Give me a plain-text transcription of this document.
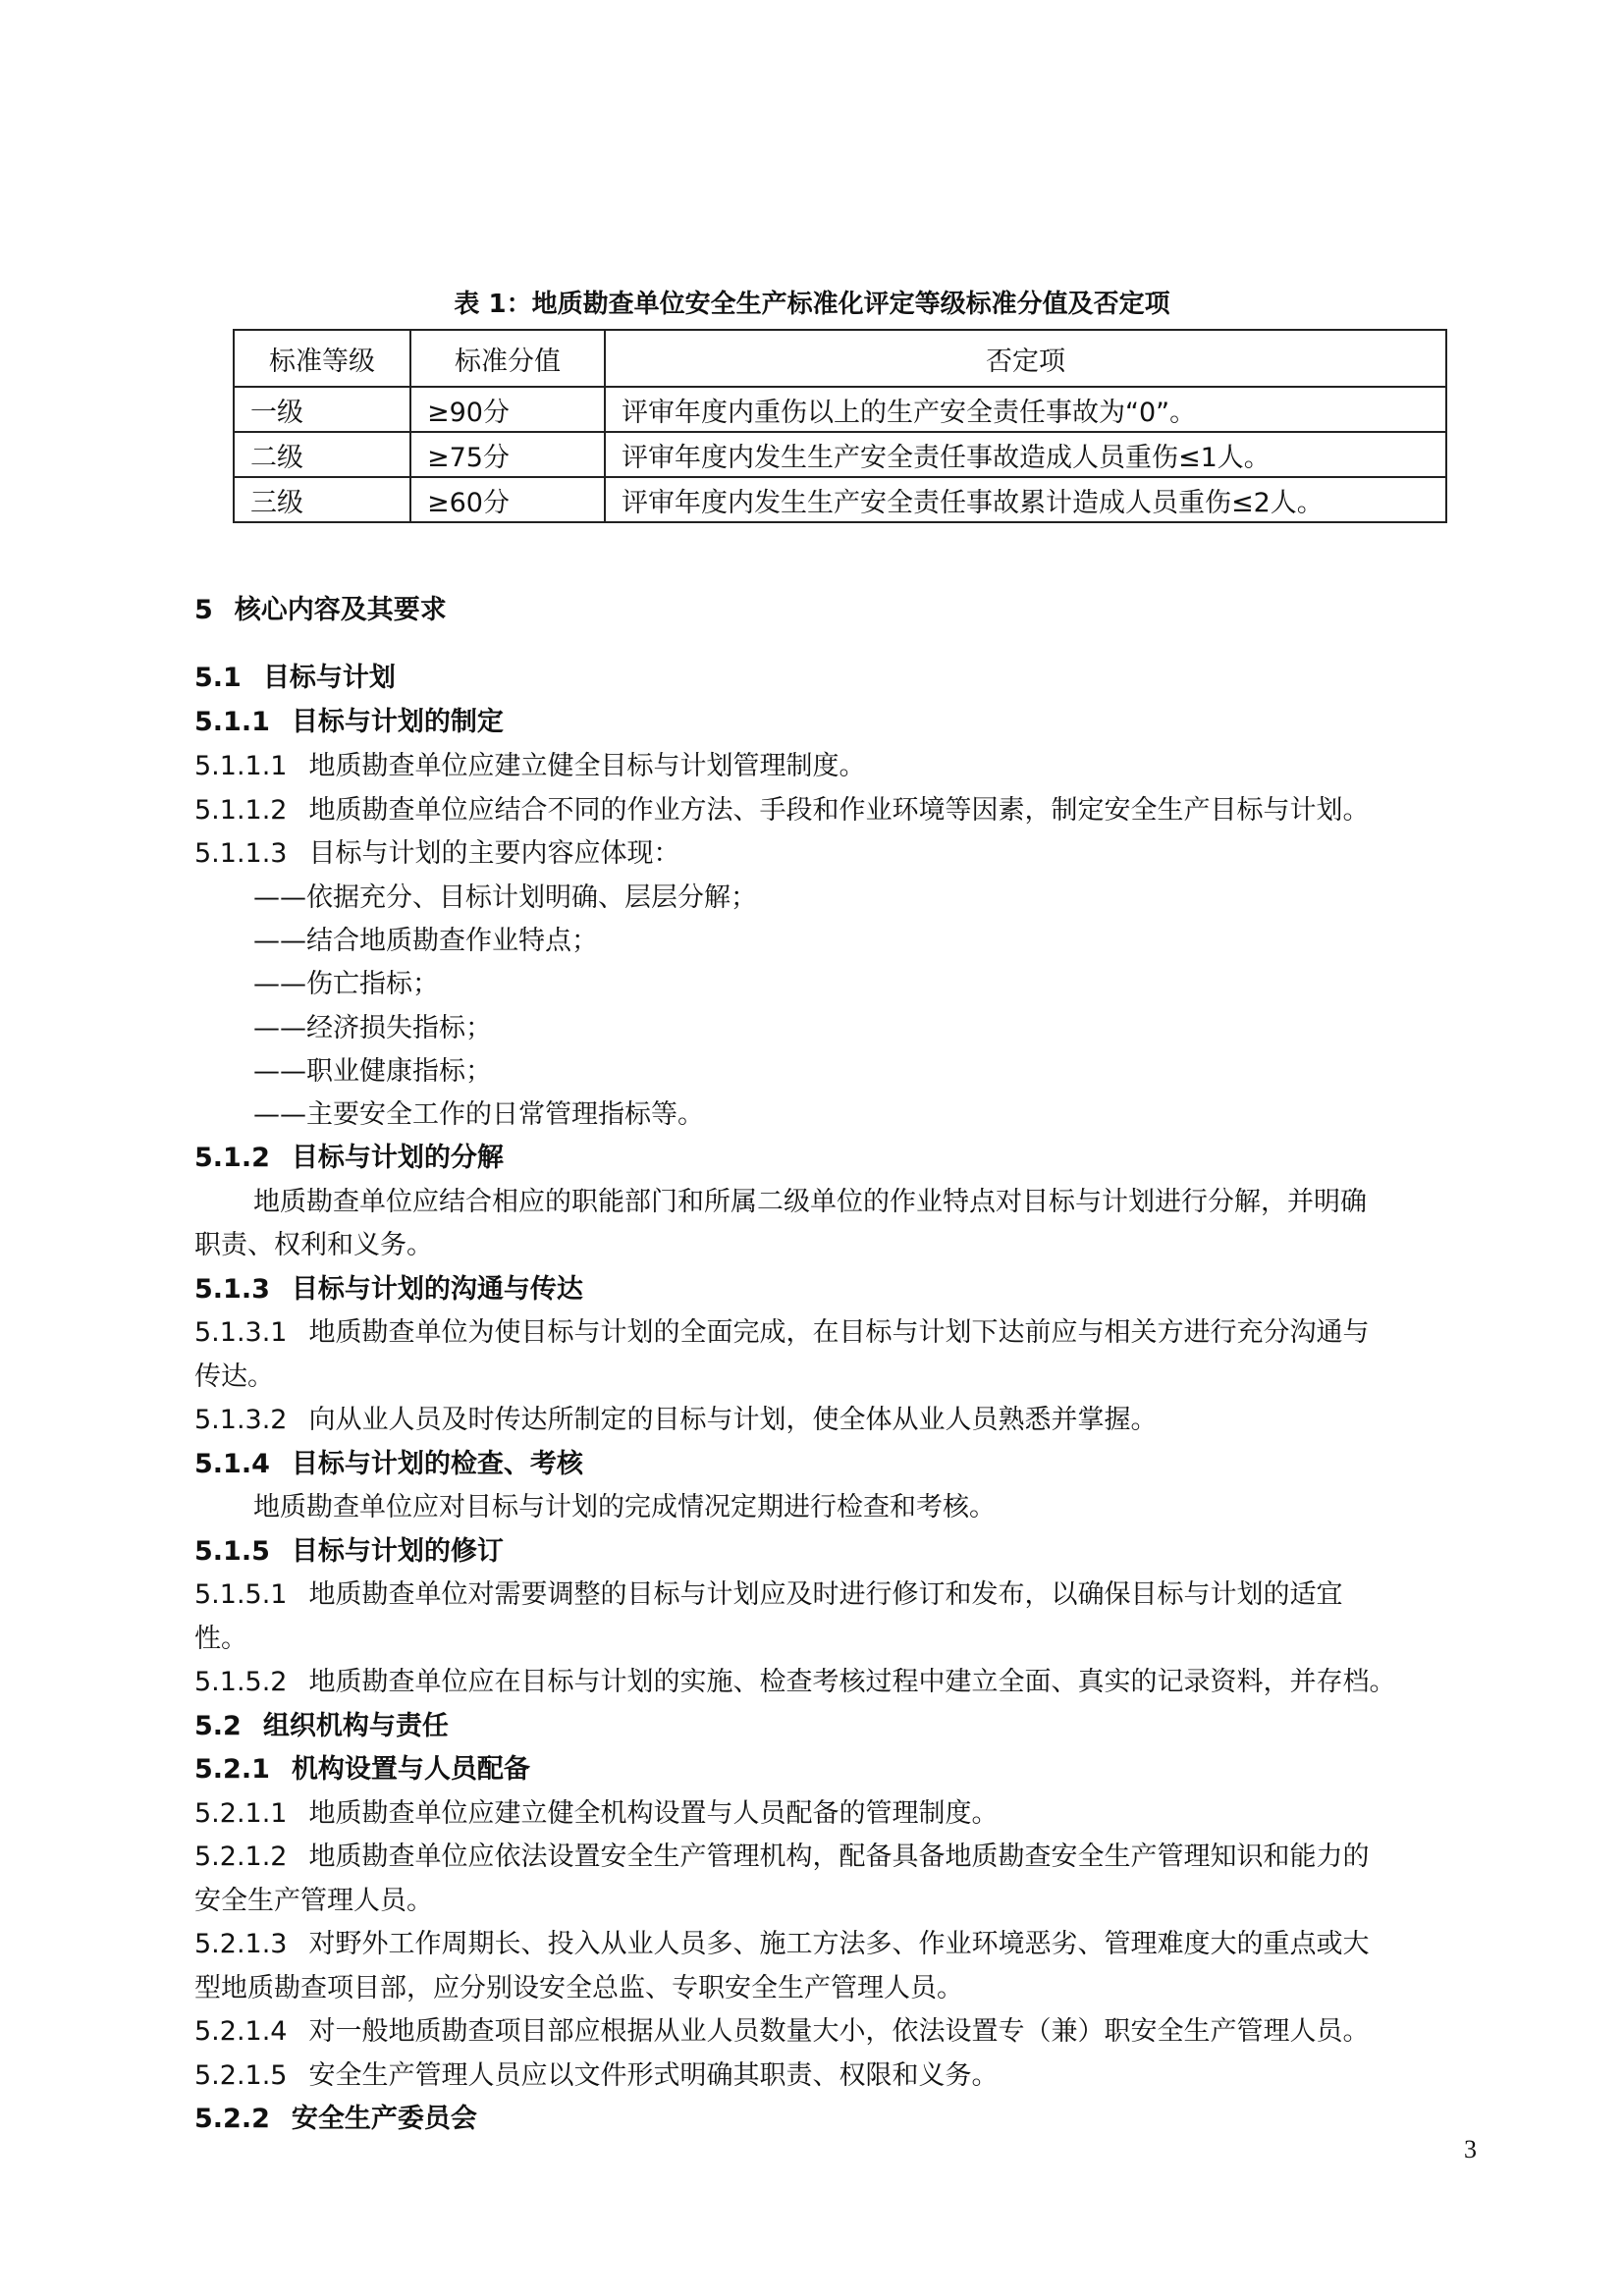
表 1：地质勘查单位安全生产标准化评定等级标准分值及否定项
标准等级	标准分值	否定项
一级	≥90分	评审年度内重伤以上的生产安全责任事故为“0”。
二级	≥75分	评审年度内发生生产安全责任事故造成人员重伤≤1人。
三级	≥60分	评审年度内发生生产安全责任事故累计造成人员重伤≤2人。
5 核心内容及其要求
5.1 目标与计划
5.1.1 目标与计划的制定
5.1.1.1 地质勘查单位应建立健全目标与计划管理制度。
5.1.1.2 地质勘查单位应结合不同的作业方法、手段和作业环境等因素，制定安全生产目标与计划。
5.1.1.3 目标与计划的主要内容应体现：
——依据充分、目标计划明确、层层分解；
——结合地质勘查作业特点；
——伤亡指标；
——经济损失指标；
——职业健康指标；
——主要安全工作的日常管理指标等。
5.1.2 目标与计划的分解
地质勘查单位应结合相应的职能部门和所属二级单位的作业特点对目标与计划进行分解，并明确
职责、权利和义务。
5.1.3 目标与计划的沟通与传达
5.1.3.1 地质勘查单位为使目标与计划的全面完成，在目标与计划下达前应与相关方进行充分沟通与
传达。
5.1.3.2 向从业人员及时传达所制定的目标与计划，使全体从业人员熟悉并掌握。
5.1.4 目标与计划的检查、考核
地质勘查单位应对目标与计划的完成情况定期进行检查和考核。
5.1.5 目标与计划的修订
5.1.5.1 地质勘查单位对需要调整的目标与计划应及时进行修订和发布，以确保目标与计划的适宜
性。
5.1.5.2 地质勘查单位应在目标与计划的实施、检查考核过程中建立全面、真实的记录资料，并存档。
5.2 组织机构与责任
5.2.1 机构设置与人员配备
5.2.1.1 地质勘查单位应建立健全机构设置与人员配备的管理制度。
5.2.1.2 地质勘查单位应依法设置安全生产管理机构，配备具备地质勘查安全生产管理知识和能力的
安全生产管理人员。
5.2.1.3 对野外工作周期长、投入从业人员多、施工方法多、作业环境恶劣、管理难度大的重点或大
型地质勘查项目部，应分别设安全总监、专职安全生产管理人员。
5.2.1.4 对一般地质勘查项目部应根据从业人员数量大小，依法设置专（兼）职安全生产管理人员。
5.2.1.5 安全生产管理人员应以文件形式明确其职责、权限和义务。
5.2.2 安全生产委员会
3
